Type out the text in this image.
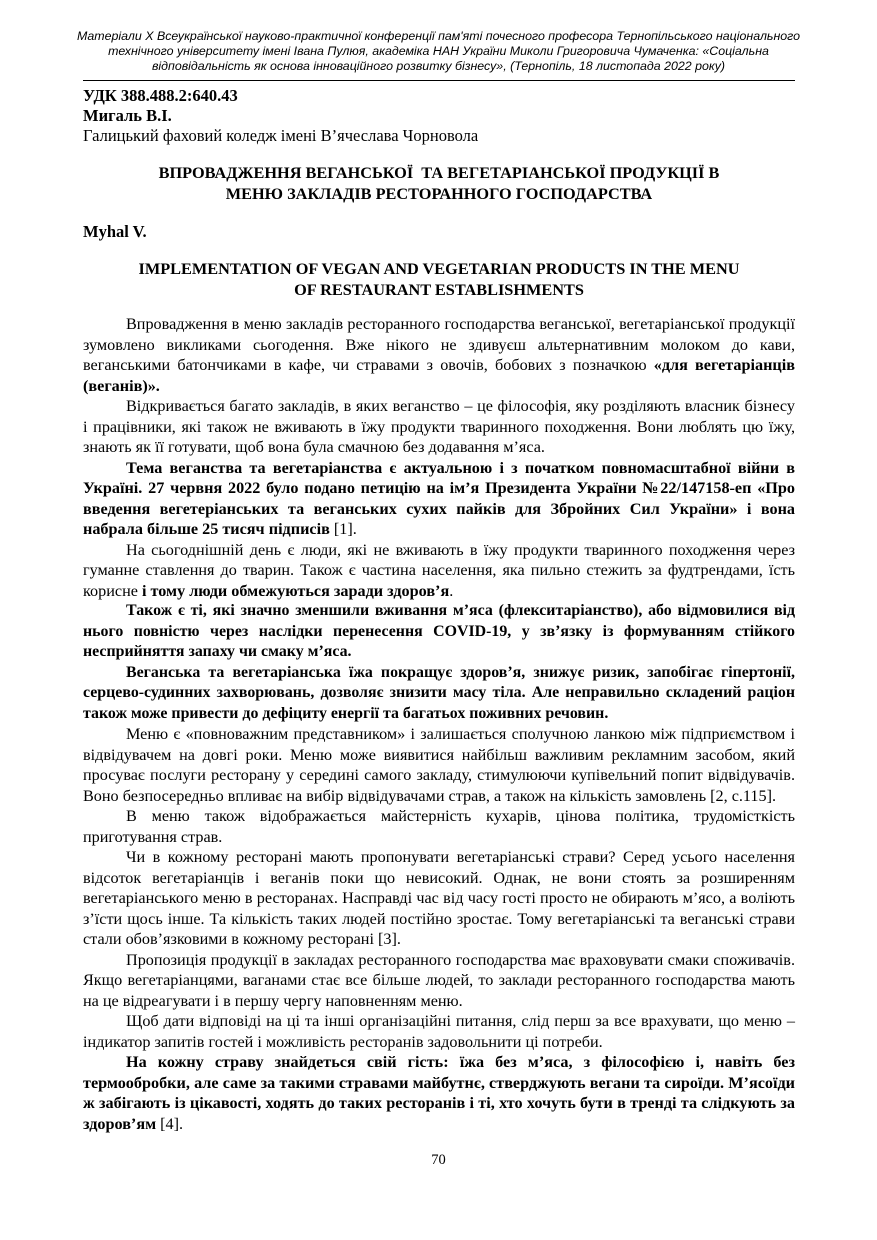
Матеріали Х Всеукраїнської науково-практичної конференції пам'яті почесного професора Тернопільського національного
технічного університету імені Івана Пулюя, академіка НАН України Миколи Григоровича Чумаченка: «Соціальна
відповідальність як основа інноваційного розвитку бізнесу», (Тернопіль, 18 листопада 2022 року)
УДК 388.488.2:640.43
Мигаль В.І.
Галицький фаховий коледж імені В’ячеслава Чорновола
ВПРОВАДЖЕННЯ ВЕГАНСЬКОЇ  ТА ВЕГЕТАРІАНСЬКОЇ ПРОДУКЦІЇ В
МЕНЮ ЗАКЛАДІВ РЕСТОРАННОГО ГОСПОДАРСТВА
Myhal V.
IMPLEMENTATION OF VEGAN AND VEGETARIAN PRODUCTS IN THE MENU
OF RESTAURANT ESTABLISHMENTS

Впровадження в меню закладів ресторанного господарства веганської, вегетаріанської продукції зумовлено викликами сьогодення. Вже нікого не здивуєш альтернативним молоком до кави, веганськими батончиками в кафе, чи стравами з овочів, бобових з позначкою «для вегетаріанців (веганів)».

Відкривається багато закладів, в яких веганство – це філософія, яку розділяють власник бізнесу і працівники, які також не вживають в їжу продукти тваринного походження. Вони люблять цю їжу, знають як її готувати, щоб вона була смачною без додавання м’яса.

Тема веганства та вегетаріанства є актуальною і з початком повномасштабної війни в Україні. 27 червня 2022 було подано петицію на ім’я Президента України №22/147158-еп «Про введення вегетеріанських та веганських сухих пайків для Збройних Сил України» і вона набрала більше 25 тисяч підписів [1].

На сьогоднішній день є люди, які не вживають в їжу продукти тваринного походження через гуманне ставлення до тварин. Також є частина населення, яка пильно стежить за фудтрендами, їсть корисне і тому люди обмежуються заради здоров’я.

Також є ті, які значно зменшили вживання м’яса (флекситаріанство), або відмовилися від нього повністю через наслідки перенесення COVID-19, у зв’язку із формуванням стійкого несприйняття запаху чи смаку м’яса.

Веганська та вегетаріанська їжа покращує здоров’я, знижує ризик, запобігає гіпертонії, серцево-судинних захворювань, дозволяє знизити масу тіла. Але неправильно складений раціон також може привести до дефіциту енергії та багатьох поживних речовин.

Меню є «повноважним представником» і залишається сполучною ланкою між підприємством і відвідувачем на довгі роки. Меню може виявитися найбільш важливим рекламним засобом, який просуває послуги ресторану у середині самого закладу, стимулюючи купівельний попит відвідувачів. Воно безпосередньо впливає на вибір відвідувачами страв, а також на кількість замовлень [2, с.115].

В меню також відображається майстерність кухарів, цінова політика, трудомісткість приготування страв.

Чи в кожному ресторані мають пропонувати вегетаріанські страви? Серед усього населення відсоток вегетаріанців і веганів поки що невисокий. Однак, не вони стоять за розширенням вегетаріанського меню в ресторанах. Насправді час від часу гості просто не обирають м’ясо, а воліють з’їсти щось інше. Та кількість таких людей постійно зростає. Тому вегетаріанські та веганські страви стали обов’язковими в кожному ресторані [3].

Пропозиція продукції в закладах ресторанного господарства має враховувати смаки споживачів. Якщо вегетаріанцями, ваганами стає все більше людей, то заклади ресторанного господарства мають на це відреагувати і в першу чергу наповненням меню.

Щоб дати відповіді на ці та інші організаційні питання, слід перш за все врахувати, що меню – індикатор запитів гостей і можливість ресторанів задовольнити ці потреби.

На кожну страву знайдеться свій гість: їжа без м’яса, з філософією і, навіть без термообробки, але саме за такими стравами майбутнє, стверджують вегани та сироїди. М’ясоїди ж забігають із цікавості, ходять до таких ресторанів і ті, хто хочуть бути в тренді та слідкують за здоров’ям [4].

70
